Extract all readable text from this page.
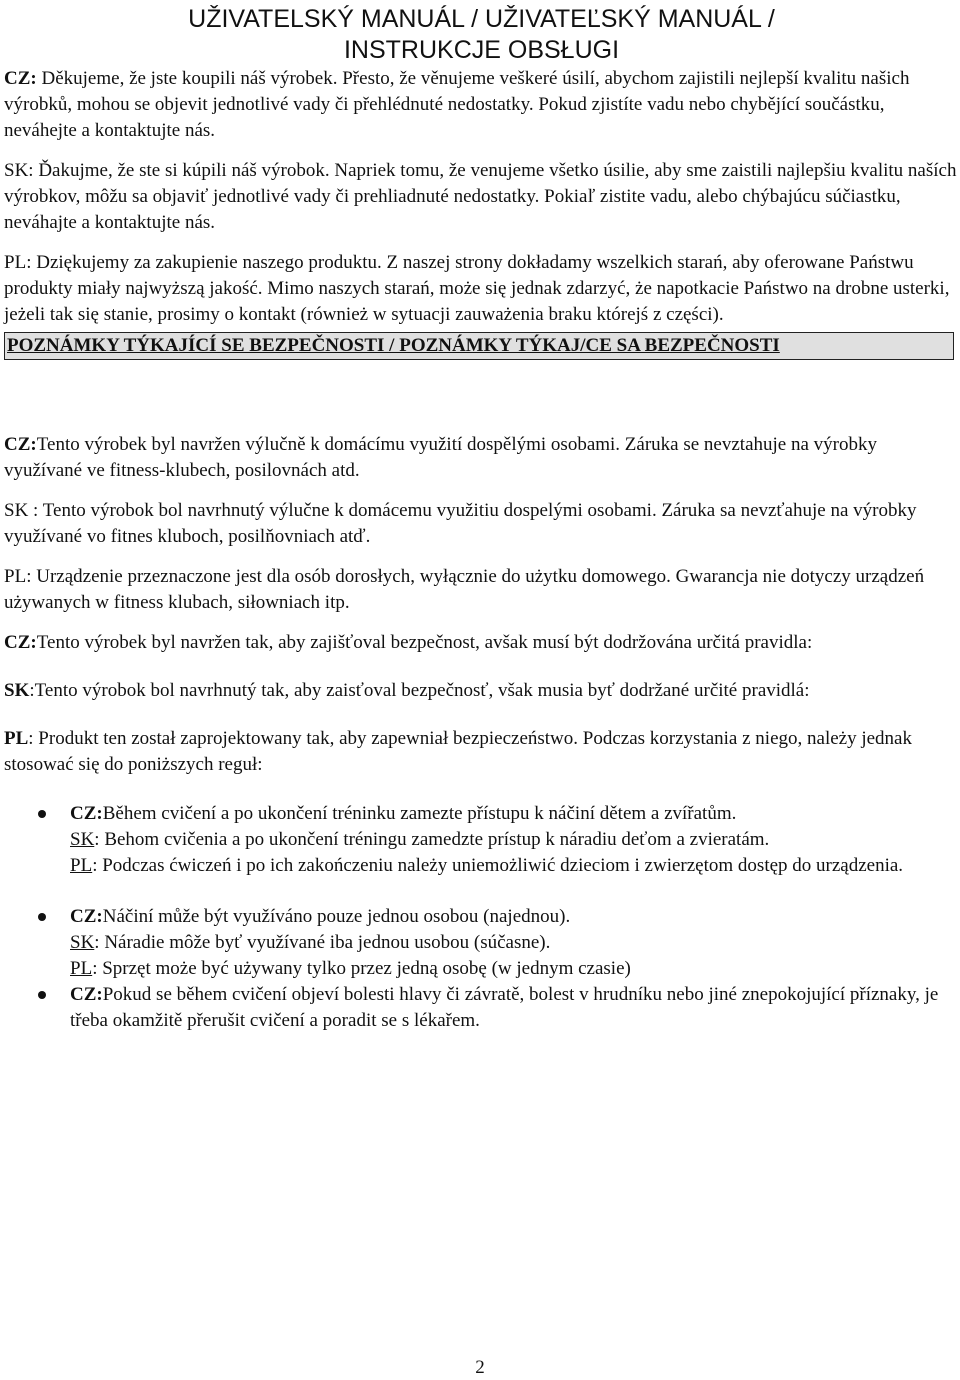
UŽIVATELSKÝ MANUÁL / UŽIVATEĽSKÝ MANUÁL /
INSTRUKCJE OBSŁUGI

CZ: Děkujeme, že jste koupili náš výrobek. Přesto, že věnujeme veškeré úsilí, abychom zajistili nejlepší kvalitu našich výrobků, mohou se objevit jednotlivé vady či přehlédnuté nedostatky. Pokud zjistíte vadu nebo chybějící součástku, neváhejte a kontaktujte nás.

SK: Ďakujme, že ste si kúpili náš výrobok. Napriek tomu, že venujeme všetko úsilie, aby sme zaistili najlepšiu kvalitu naších výrobkov, môžu sa objaviť jednotlivé vady či prehliadnuté nedostatky. Pokiaľ zistite vadu, alebo chýbajúcu súčiastku, neváhajte a kontaktujte nás.

PL: Dziękujemy za zakupienie naszego produktu. Z naszej strony dokładamy wszelkich starań, aby oferowane Państwu produkty miały najwyższą jakość. Mimo naszych starań, może się jednak zdarzyć, że napotkacie Państwo na drobne usterki, jeżeli tak się stanie, prosimy o kontakt (również w sytuacji zauważenia braku którejś z części).

POZNÁMKY TÝKAJÍCÍ SE BEZPEČNOSTI / POZNÁMKY TÝKAJ/CE SA BEZPEČNOSTI

CZ:Tento výrobek byl navržen výlučně k domácímu využití dospělými osobami. Záruka se nevztahuje na výrobky využívané ve fitness-klubech, posilovnách atd.

SK : Tento výrobok bol navrhnutý výlučne k domácemu využitiu dospelými osobami. Záruka sa nevzťahuje na výrobky využívané vo fitnes kluboch, posilňovniach atď.

PL: Urządzenie przeznaczone jest dla osób dorosłych, wyłącznie do użytku domowego. Gwarancja nie dotyczy urządzeń używanych w fitness klubach, siłowniach itp.

CZ:Tento výrobek byl navržen tak, aby zajišťoval bezpečnost, avšak musí být dodržována určitá pravidla:

SK:Tento výrobok bol navrhnutý tak, aby zaisťoval bezpečnosť, však musia byť dodržané určité pravidlá:

PL: Produkt ten został zaprojektowany tak, aby zapewniał bezpieczeństwo. Podczas korzystania z niego, należy jednak stosować się do poniższych reguł:

CZ:Během cvičení a po ukončení tréninku zamezte přístupu k náčiní dětem a zvířatům.
SK: Behom cvičenia a po ukončení tréningu zamedzte prístup k náradiu deťom a zvieratám.
PL: Podczas ćwiczeń i po ich zakończeniu należy uniemożliwić dzieciom i zwierzętom dostęp do urządzenia.
CZ:Náčiní může být využíváno pouze jednou osobou (najednou).
SK: Náradie môže byť využívané iba jednou usobou (súčasne).
PL: Sprzęt może być używany tylko przez jedną osobę (w jednym czasie)
CZ:Pokud se během cvičení objeví bolesti hlavy či závratě, bolest v hrudníku nebo jiné znepokojující příznaky, je třeba okamžitě přerušit cvičení a poradit se s lékařem.
2
